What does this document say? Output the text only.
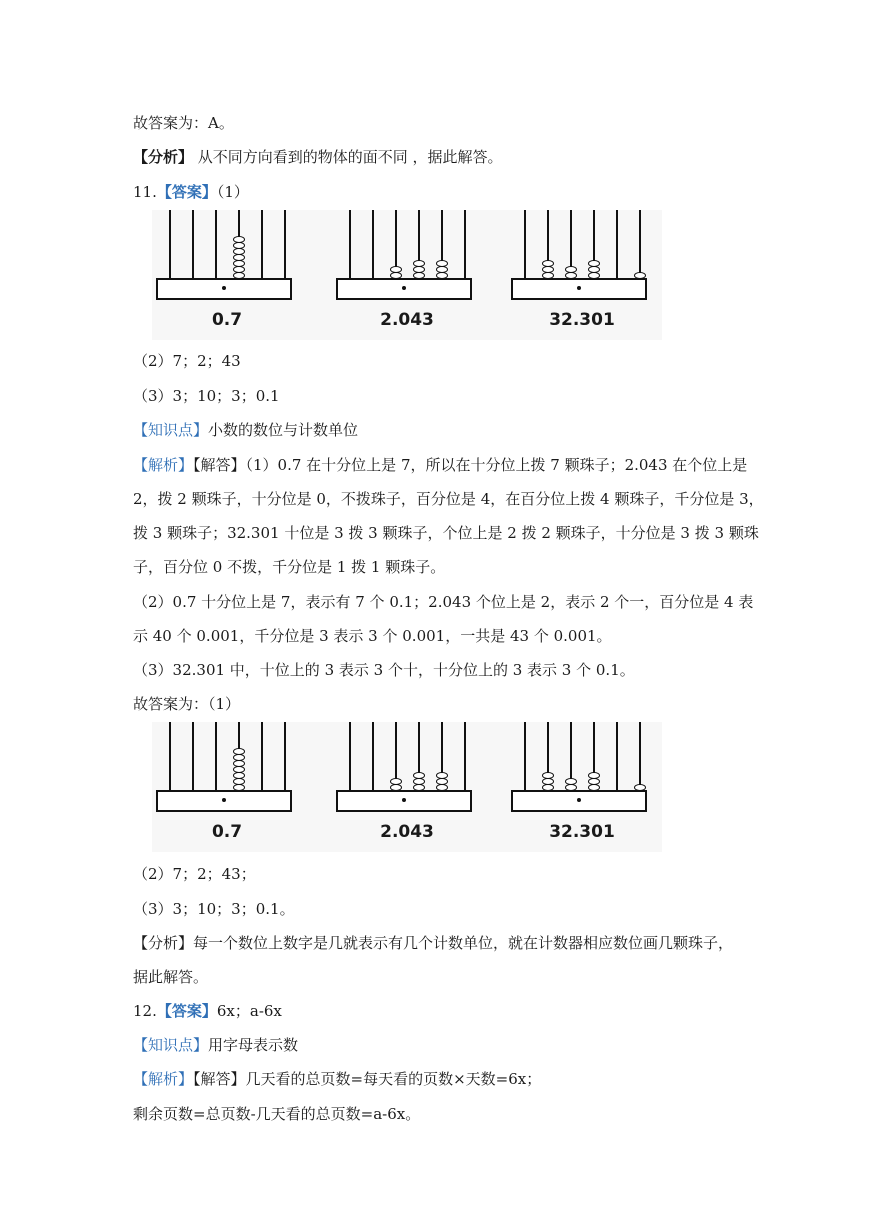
故答案为：A。
【分析】 从不同方向看到的物体的面不同 ，据此解答。
11.【答案】（1）
0.7	2.043	32.301
（2）7；2；43
（3）3；10；3；0.1
【知识点】小数的数位与计数单位
【解析】【解答】（1）0.7 在十分位上是 7，所以在十分位上拨 7 颗珠子；2.043 在个位上是
2，拨 2 颗珠子，十分位是 0，不拨珠子，百分位是 4，在百分位上拨 4 颗珠子，千分位是 3，
拨 3 颗珠子；32.301 十位是 3 拨 3 颗珠子，个位上是 2 拨 2 颗珠子，十分位是 3 拨 3 颗珠
子，百分位 0 不拨，千分位是 1 拨 1 颗珠子。
（2）0.7 十分位上是 7，表示有 7 个 0.1；2.043 个位上是 2，表示 2 个一，百分位是 4 表
示 40 个 0.001，千分位是 3 表示 3 个 0.001，一共是 43 个 0.001。
（3）32.301 中，十位上的 3 表示 3 个十，十分位上的 3 表示 3 个 0.1。
故答案为：（1）
0.7	2.043	32.301
（2）7；2；43；
（3）3；10；3；0.1。
【分析】每一个数位上数字是几就表示有几个计数单位，就在计数器相应数位画几颗珠子，
据此解答。
12.【答案】6x；a-6x
【知识点】用字母表示数
【解析】【解答】几天看的总页数=每天看的页数×天数=6x；
剩余页数=总页数-几天看的总页数=a-6x。
